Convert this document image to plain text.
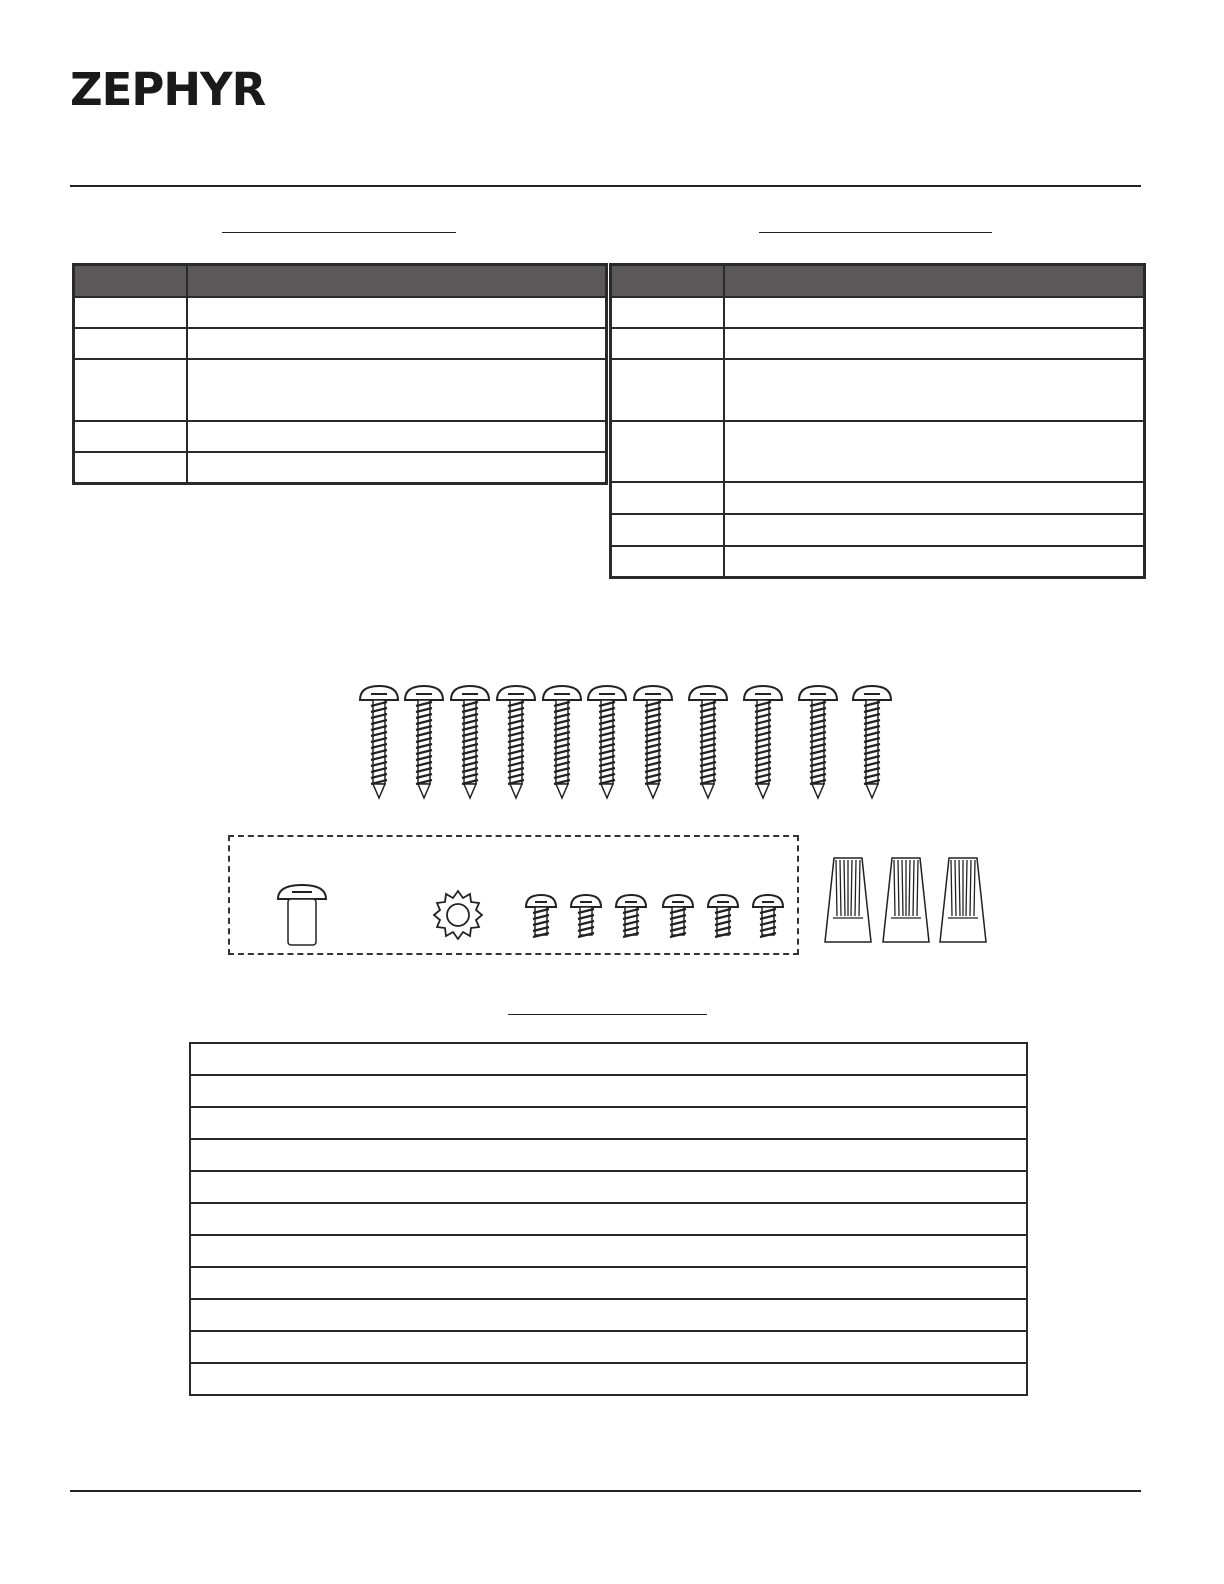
ZEPHYR
